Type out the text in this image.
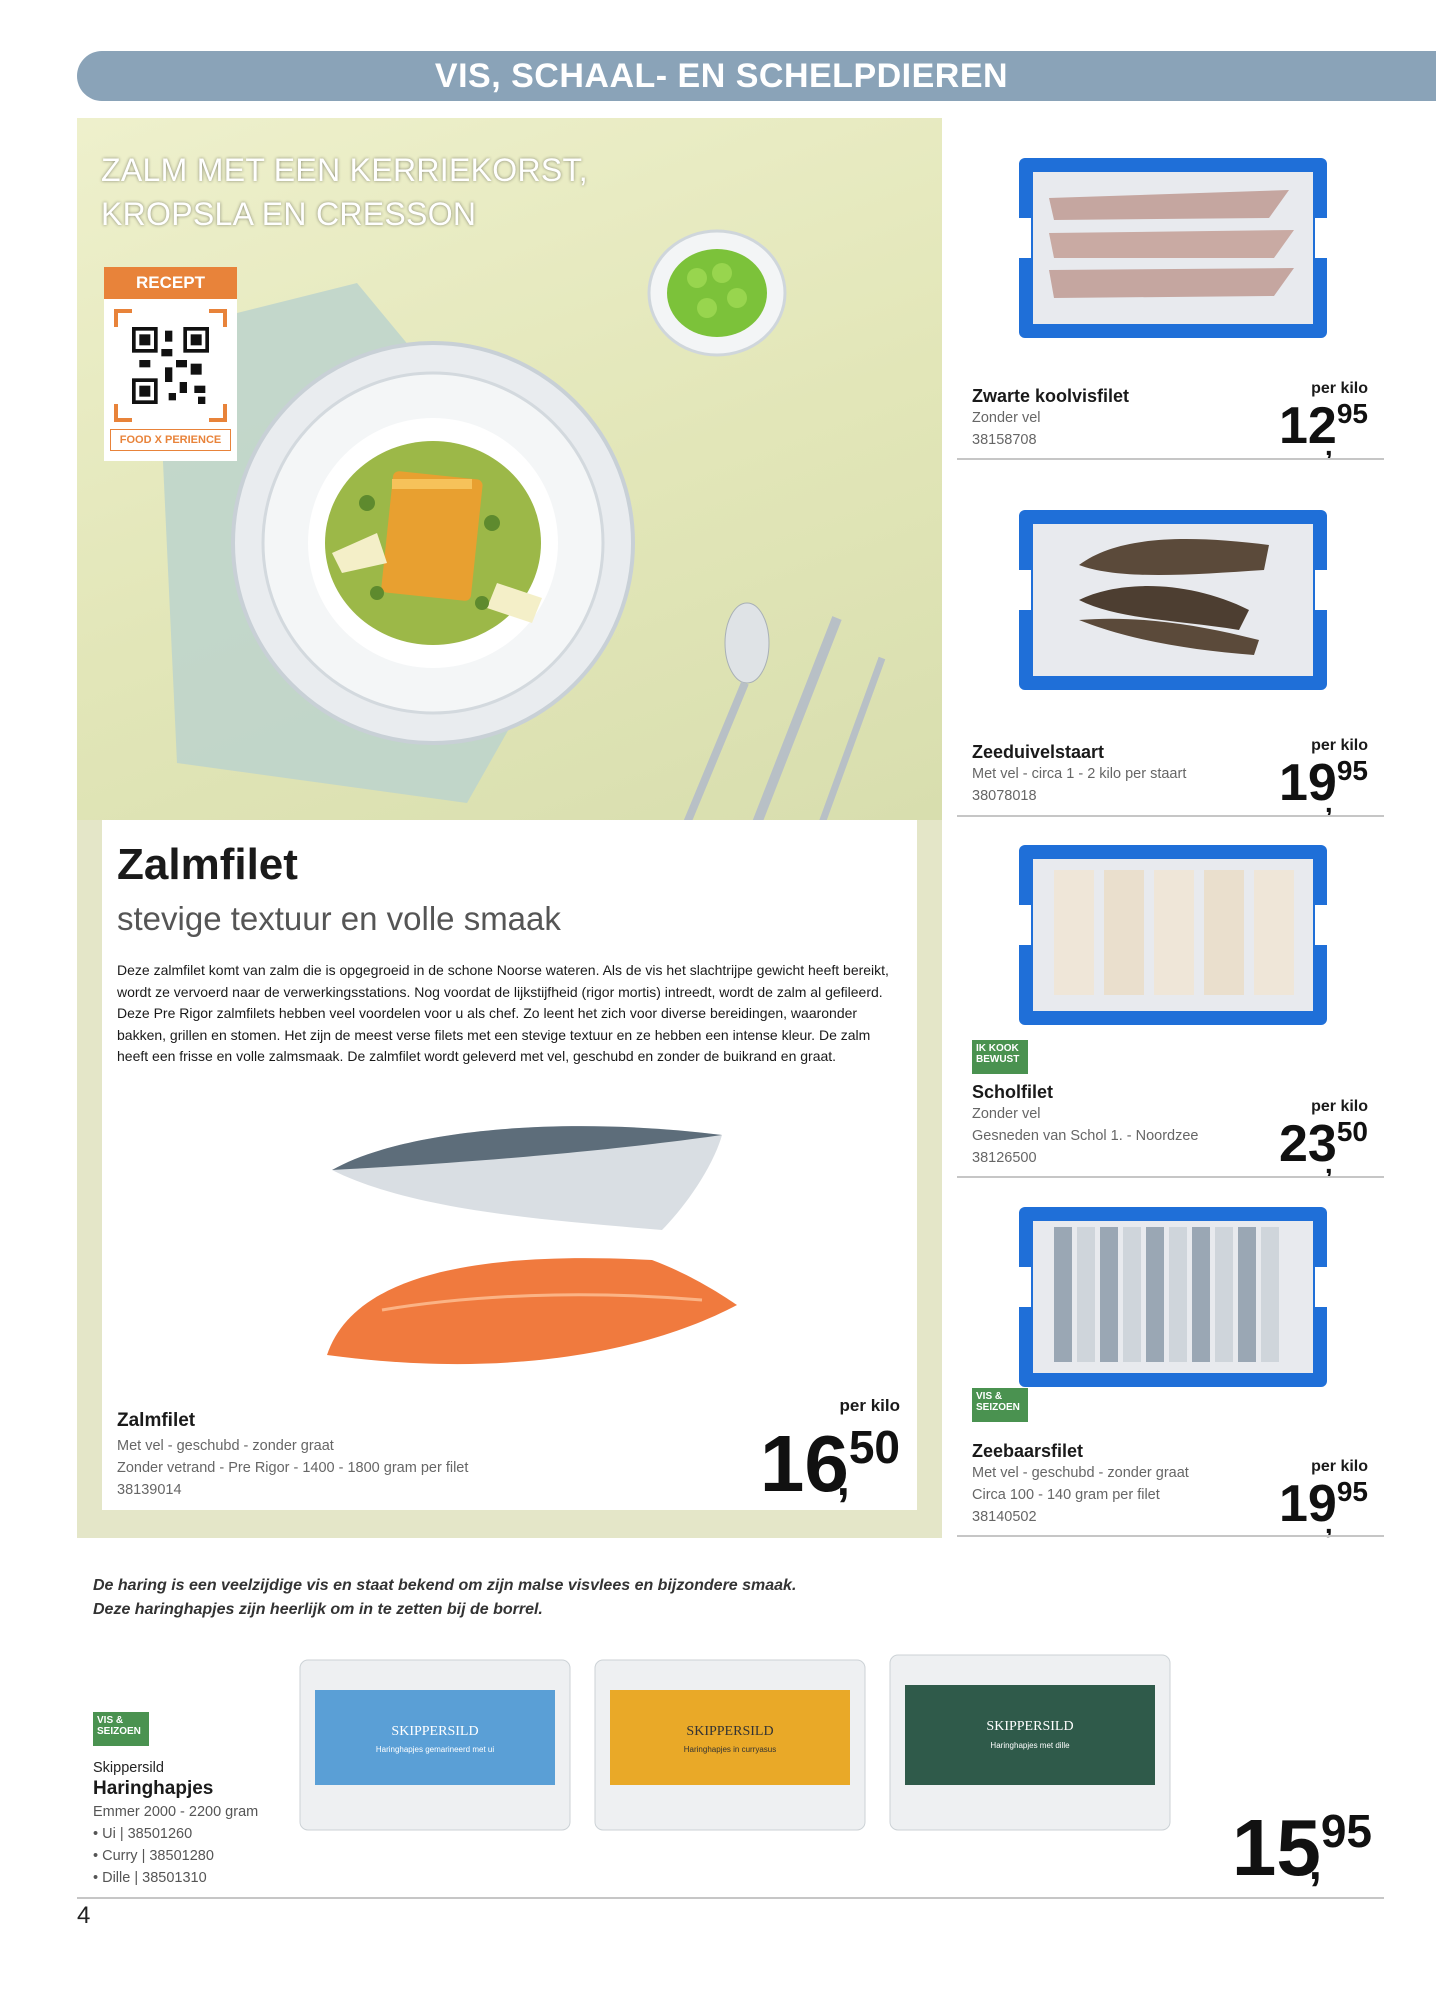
VIS, SCHAAL- EN SCHELPDIEREN
ZALM MET EEN KERRIEKORST,
KROPSLA EN CRESSON
RECEPT
FOOD X PERIENCE
Zalmfilet
stevige textuur en volle smaak

Deze zalmfilet komt van zalm die is opgegroeid in de schone Noorse wateren. Als de vis het slachtrijpe gewicht heeft bereikt, wordt ze vervoerd naar de verwerkingsstations. Nog voordat de lijkstijfheid (rigor mortis) intreedt, wordt de zalm al gefileerd. Deze Pre Rigor zalmfilets hebben veel voordelen voor u als chef. Zo leent het zich voor diverse bereidingen, waaronder bakken, grillen en stomen. Het zijn de meest verse filets met een stevige textuur en ze hebben een intense kleur. De zalm heeft een frisse en volle zalmsmaak. De zalmfilet wordt geleverd met vel, geschubd en zonder de buikrand en graat.

Zalmfilet
Met vel - geschubd - zonder graat
Zonder vetrand - Pre Rigor - 1400 - 1800 gram per filet
38139014
per kilo
16, 50
Zwarte koolvisfilet
Zonder vel
38158708
per kilo
12, 95
Zeeduivelstaart
Met vel - circa 1 - 2 kilo per staart
38078018
per kilo
19, 95
IK KOOK BEWUST
Scholfilet
Zonder vel
Gesneden van Schol 1. - Noordzee
38126500
per kilo
23, 50
VIS & SEIZOEN
Zeebaarsfilet
Met vel - geschubd - zonder graat
Circa 100 - 140 gram per filet
38140502
per kilo
19, 95
De haring is een veelzijdige vis en staat bekend om zijn malse visvlees en bijzondere smaak.
Deze haringhapjes zijn heerlijk om in te zetten bij de borrel.
SKIPPERSILD
Haringhapjes gemarineerd met ui
SKIPPERSILD
Haringhapjes in curryasus
SKIPPERSILD
Haringhapjes met dille
VIS & SEIZOEN
Skippersild
Haringhapjes
Emmer 2000 - 2200 gram
• Ui | 38501260
• Curry | 38501280
• Dille | 38501310	15, 95
4
